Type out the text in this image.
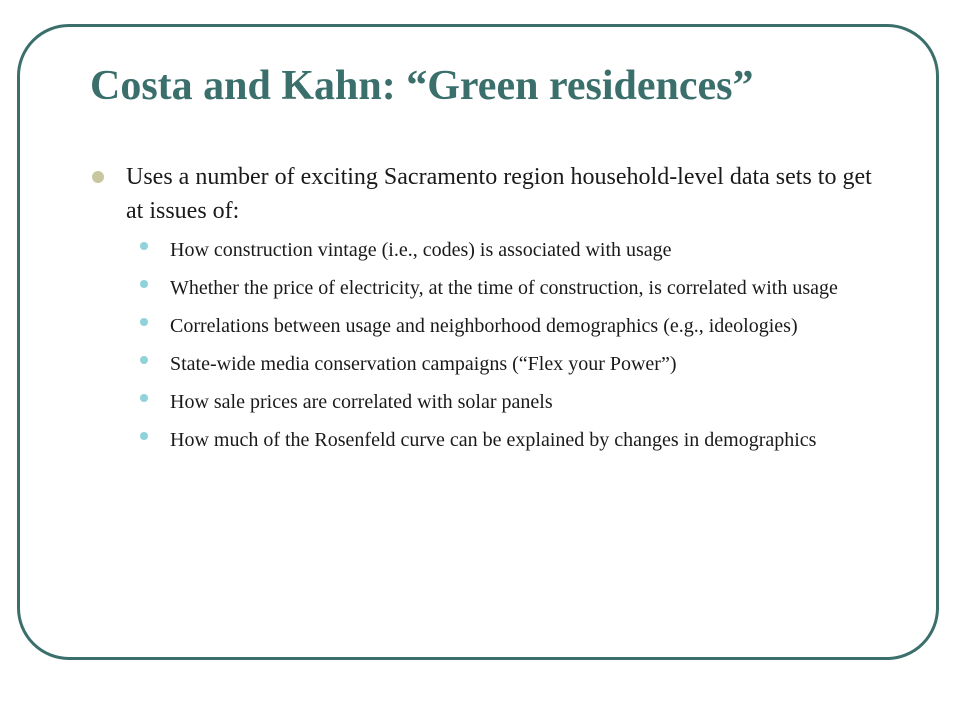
Costa and Kahn: “Green residences”
Uses a number of exciting Sacramento region household-level data sets to get at issues of:
How construction vintage (i.e., codes) is associated with usage
Whether the price of electricity, at the time of construction, is correlated with usage
Correlations between usage and neighborhood demographics (e.g., ideologies)
State-wide media conservation campaigns (“Flex your Power”)
How sale prices are correlated with solar panels
How much of the Rosenfeld curve can be explained by changes in demographics
